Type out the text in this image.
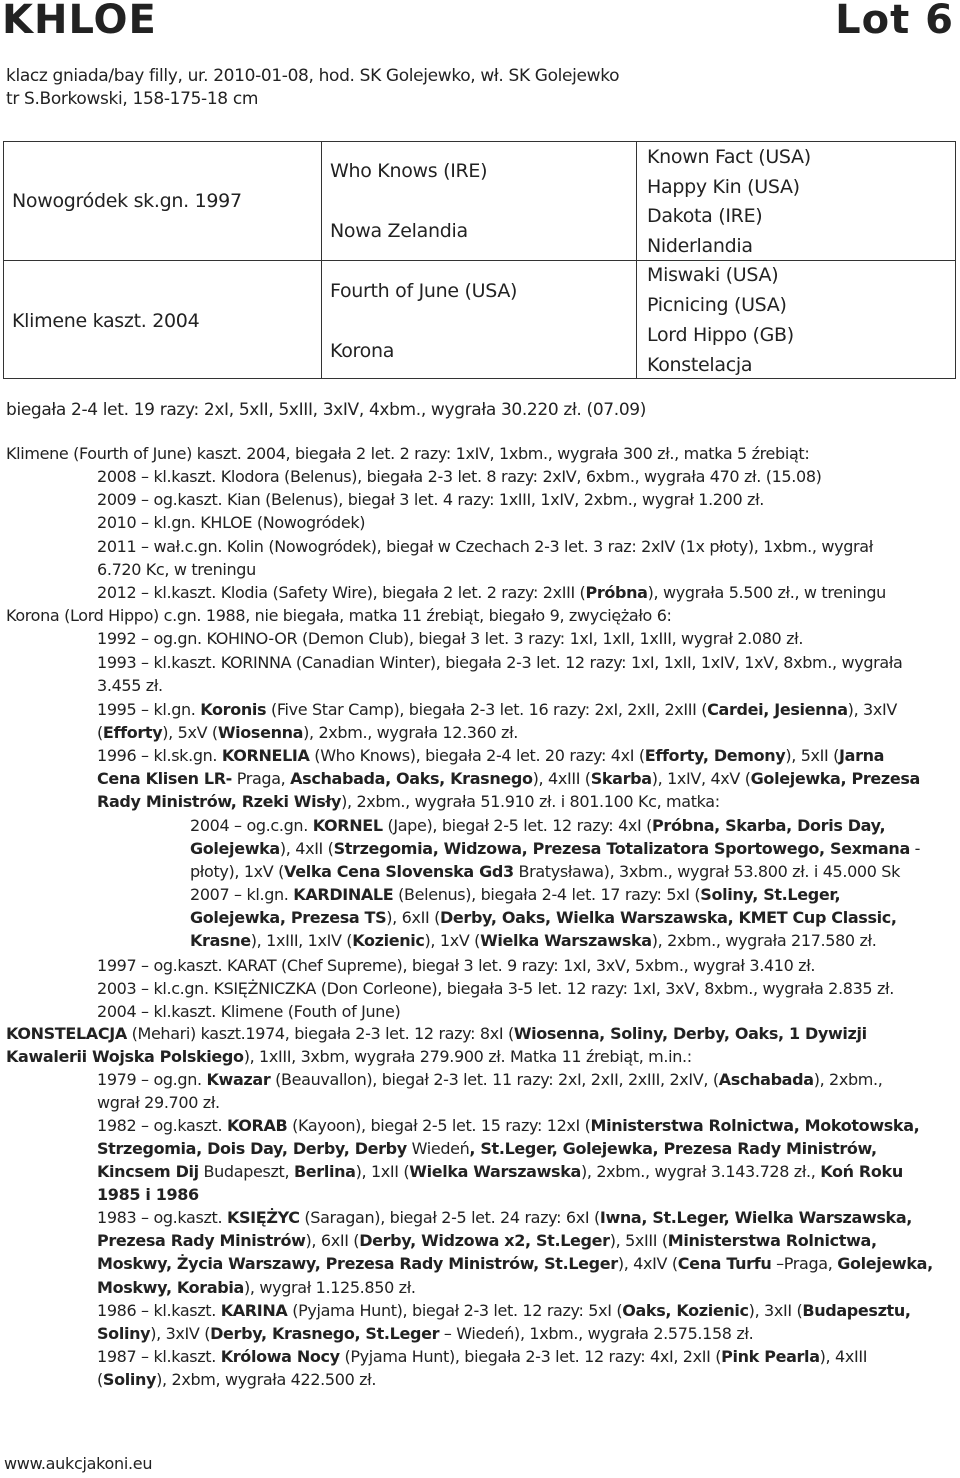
KHLOE	Lot 6
klacz gniada/bay filly, ur. 2010-01-08, hod. SK Golejewko, wł. SK Golejewko
tr S.Borkowski, 158-175-18 cm
Nowogródek sk.gn. 1997
Klimene kaszt. 2004
Who Knows (IRE)
Nowa Zelandia
Fourth of June (USA)
Korona
Known Fact (USA)
Happy Kin (USA)
Dakota (IRE)
Niderlandia
Miswaki (USA)
Picnicing (USA)
Lord Hippo (GB)
Konstelacja
biegała 2-4 let. 19 razy: 2xI, 5xII, 5xIII, 3xIV, 4xbm., wygrała 30.220 zł. (07.09)
Klimene (Fourth of June) kaszt. 2004, biegała 2 let. 2 razy: 1xIV, 1xbm., wygrała 300 zł., matka 5 źrebiąt:
2008 – kl.kaszt. Klodora (Belenus), biegała 2-3 let. 8 razy: 2xIV, 6xbm., wygrała 470 zł. (15.08)
2009 – og.kaszt. Kian (Belenus), biegał 3 let. 4 razy: 1xIII, 1xIV, 2xbm., wygrał 1.200 zł.
2010 – kl.gn. KHLOE (Nowogródek)
2011 – wał.c.gn. Kolin (Nowogródek), biegał w Czechach 2-3 let. 3 raz: 2xIV (1x płoty), 1xbm., wygrał
6.720 Kc, w treningu
2012 – kl.kaszt. Klodia (Safety Wire), biegała 2 let. 2 razy: 2xIII (Próbna), wygrała 5.500 zł., w treningu
Korona (Lord Hippo) c.gn. 1988, nie biegała, matka 11 źrebiąt, biegało 9, zwyciężało 6:
1992 – og.gn. KOHINO-OR (Demon Club), biegał 3 let. 3 razy: 1xI, 1xII, 1xIII, wygrał 2.080 zł.
1993 – kl.kaszt. KORINNA (Canadian Winter), biegała 2-3 let. 12 razy: 1xI, 1xII, 1xIV, 1xV, 8xbm., wygrała
3.455 zł.
1995 – kl.gn. Koronis (Five Star Camp), biegała 2-3 let. 16 razy: 2xI, 2xII, 2xIII (Cardei, Jesienna), 3xIV
(Efforty), 5xV (Wiosenna), 2xbm., wygrała 12.360 zł.
1996 – kl.sk.gn. KORNELIA (Who Knows), biegała 2-4 let. 20 razy: 4xI (Efforty, Demony), 5xII (Jarna
Cena Klisen LR- Praga, Aschabada, Oaks, Krasnego), 4xIII (Skarba), 1xIV, 4xV (Golejewka, Prezesa
Rady Ministrów, Rzeki Wisły), 2xbm., wygrała 51.910 zł. i 801.100 Kc, matka:
2004 – og.c.gn. KORNEL (Jape), biegał 2-5 let. 12 razy: 4xI (Próbna, Skarba, Doris Day,
Golejewka), 4xII (Strzegomia, Widzowa, Prezesa Totalizatora Sportowego, Sexmana -
płoty), 1xV (Velka Cena Slovenska Gd3 Bratysława), 3xbm., wygrał 53.800 zł. i 45.000 Sk
2007 – kl.gn. KARDINALE (Belenus), biegała 2-4 let. 17 razy: 5xI (Soliny, St.Leger,
Golejewka, Prezesa TS), 6xII (Derby, Oaks, Wielka Warszawska, KMET Cup Classic,
Krasne), 1xIII, 1xIV (Kozienic), 1xV (Wielka Warszawska), 2xbm., wygrała 217.580 zł.
1997 – og.kaszt. KARAT (Chef Supreme), biegał 3 let. 9 razy: 1xI, 3xV, 5xbm., wygrał 3.410 zł.
2003 – kl.c.gn. KSIĘŻNICZKA (Don Corleone), biegała 3-5 let. 12 razy: 1xI, 3xV, 8xbm., wygrała 2.835 zł.
2004 – kl.kaszt. Klimene (Fouth of June)
KONSTELACJA (Mehari) kaszt.1974, biegała 2-3 let. 12 razy: 8xI (Wiosenna, Soliny, Derby, Oaks, 1 Dywizji
Kawalerii Wojska Polskiego), 1xIII, 3xbm, wygrała 279.900 zł. Matka 11 źrebiąt, m.in.:
1979 – og.gn. Kwazar (Beauvallon), biegał 2-3 let. 11 razy: 2xI, 2xII, 2xIII, 2xIV, (Aschabada), 2xbm.,
wgrał 29.700 zł.
1982 – og.kaszt. KORAB (Kayoon), biegał 2-5 let. 15 razy: 12xI (Ministerstwa Rolnictwa, Mokotowska,
Strzegomia, Dois Day, Derby, Derby Wiedeń, St.Leger, Golejewka, Prezesa Rady Ministrów,
Kincsem Dij Budapeszt, Berlina), 1xII (Wielka Warszawska), 2xbm., wygrał 3.143.728 zł., Koń Roku
1985 i 1986
1983 – og.kaszt. KSIĘŻYC (Saragan), biegał 2-5 let. 24 razy: 6xI (Iwna, St.Leger, Wielka Warszawska,
Prezesa Rady Ministrów), 6xII (Derby, Widzowa x2, St.Leger), 5xIII (Ministerstwa Rolnictwa,
Moskwy, Życia Warszawy, Prezesa Rady Ministrów, St.Leger), 4xIV (Cena Turfu –Praga, Golejewka,
Moskwy, Korabia), wygrał 1.125.850 zł.
1986 – kl.kaszt. KARINA (Pyjama Hunt), biegał 2-3 let. 12 razy: 5xI (Oaks, Kozienic), 3xII (Budapesztu,
Soliny), 3xIV (Derby, Krasnego, St.Leger – Wiedeń), 1xbm., wygrała 2.575.158 zł.
1987 – kl.kaszt. Królowa Nocy (Pyjama Hunt), biegała 2-3 let. 12 razy: 4xI, 2xII (Pink Pearla), 4xIII
(Soliny), 2xbm, wygrała 422.500 zł.
www.aukcjakoni.eu
